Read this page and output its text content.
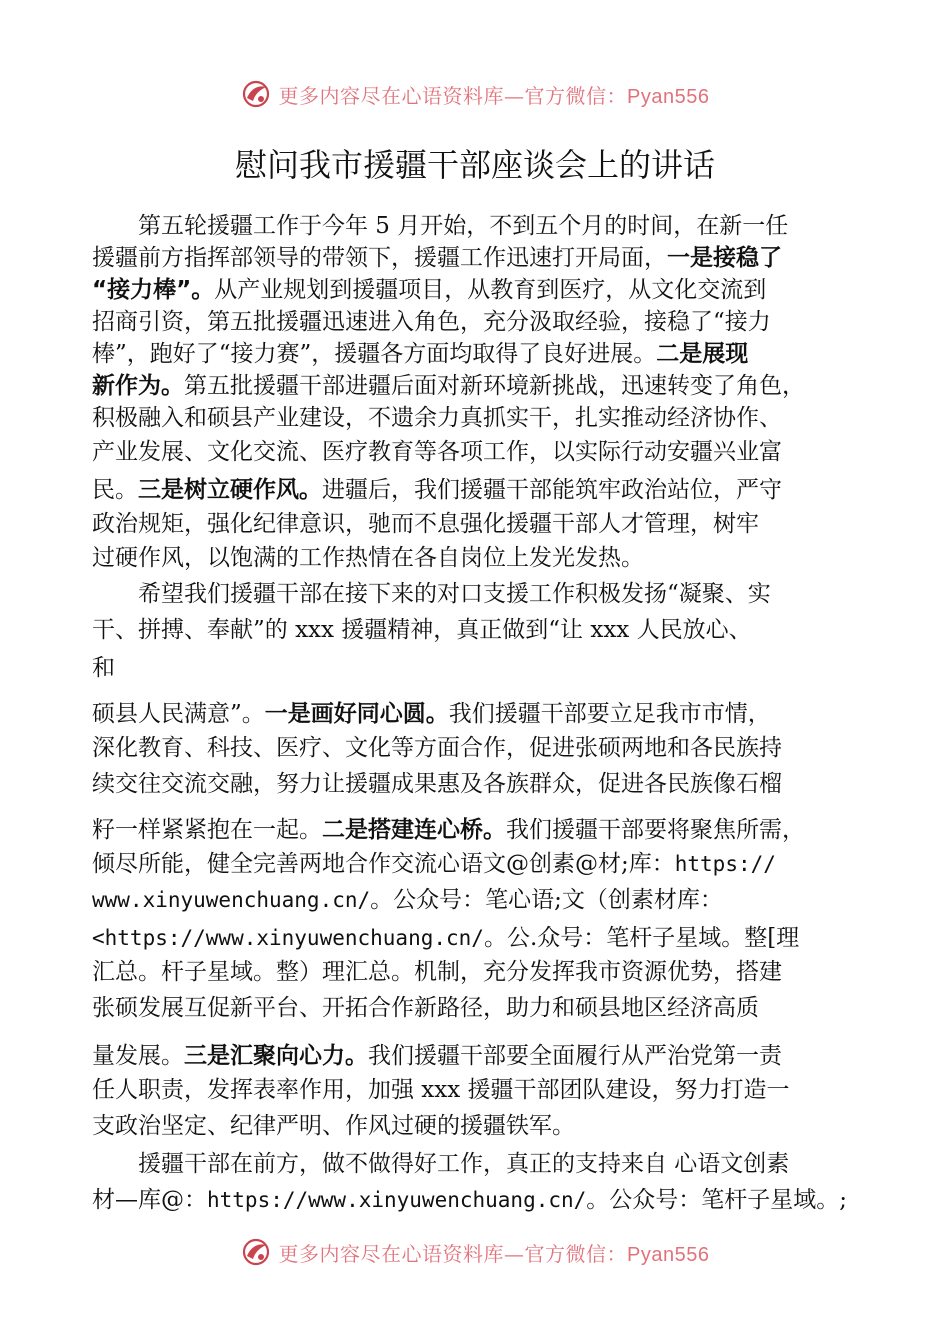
更多内容尽在心语资料库—官方微信：Pyan556
慰问我市援疆干部座谈会上的讲话
　　第五轮援疆工作于今年 5 月开始，不到五个月的时间，在新一任
援疆前方指挥部领导的带领下，援疆工作迅速打开局面，一是接稳了
“接力棒”。从产业规划到援疆项目，从教育到医疗，从文化交流到
招商引资，第五批援疆迅速进入角色，充分汲取经验，接稳了“接力
棒”，跑好了“接力赛”，援疆各方面均取得了良好进展。二是展现
新作为。第五批援疆干部进疆后面对新环境新挑战，迅速转变了角色，
积极融入和硕县产业建设，不遗余力真抓实干，扎实推动经济协作、
产业发展、文化交流、医疗教育等各项工作，以实际行动安疆兴业富
民。三是树立硬作风。进疆后，我们援疆干部能筑牢政治站位，严守
政治规矩，强化纪律意识，驰而不息强化援疆干部人才管理，树牢
过硬作风，以饱满的工作热情在各自岗位上发光发热。
　　希望我们援疆干部在接下来的对口支援工作积极发扬“凝聚、实
干、拼搏、奉献”的 xxx 援疆精神，真正做到“让 xxx 人民放心、
和
硕县人民满意”。一是画好同心圆。我们援疆干部要立足我市市情，
深化教育、科技、医疗、文化等方面合作，促进张硕两地和各民族持
续交往交流交融，努力让援疆成果惠及各族群众，促进各民族像石榴
籽一样紧紧抱在一起。二是搭建连心桥。我们援疆干部要将聚焦所需，
倾尽所能，健全完善两地合作交流心语文@创素@材;库：https://
www.xinyuwenchuang.cn/。公众号：笔心语;文（创素材库：
<https://www.xinyuwenchuang.cn/。公.众号：笔杆子星域。整[理
汇总。杆子星域。整）理汇总。机制，充分发挥我市资源优势，搭建
张硕发展互促新平台、开拓合作新路径，助力和硕县地区经济高质
量发展。三是汇聚向心力。我们援疆干部要全面履行从严治党第一责
任人职责，发挥表率作用，加强 xxx 援疆干部团队建设，努力打造一
支政治坚定、纪律严明、作风过硬的援疆铁军。
　　援疆干部在前方，做不做得好工作，真正的支持来自 心语文创素
材—库@：https://www.xinyuwenchuang.cn/。公众号：笔杆子星域。;
更多内容尽在心语资料库—官方微信：Pyan556
